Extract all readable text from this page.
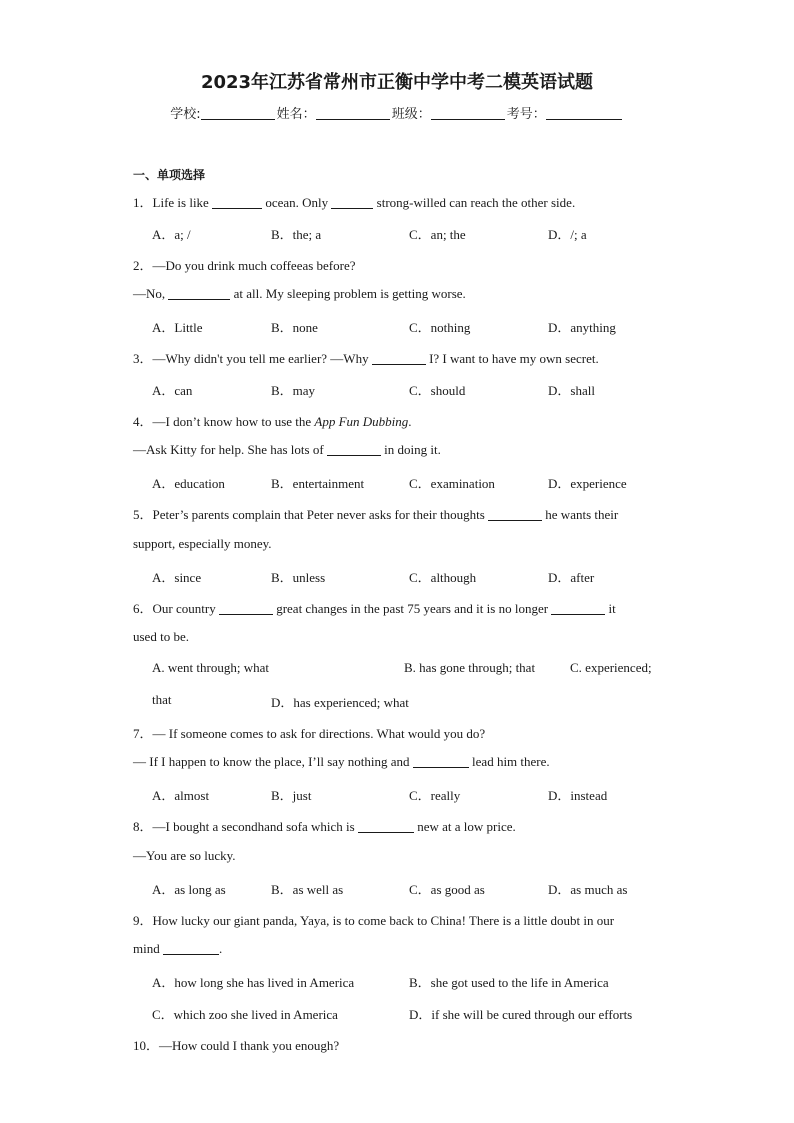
2023年江苏省常州市正衡中学中考二模英语试题
学校:	姓名：	班级：	考号：
一、单项选择
1．Life is like	ocean. Only	strong-willed can reach the other side.
A．a; /	B．the; a	C．an; the	D．/; a
2．—Do you drink much coffeeas before?
—No,	at all. My sleeping problem is getting worse.
A．Little	B．none	C．nothing	D．anything
3．—Why didn't you tell me earlier? —Why	I? I want to have my own secret.
A．can	B．may	C．should	D．shall
4．—I don’t know how to use the App Fun Dubbing.
—Ask Kitty for help. She has lots of	in doing it.
A．education	B．entertainment	C．examination	D．experience
5．Peter’s parents complain that Peter never asks for their thoughts	he wants their
support, especially money.
A．since	B．unless	C．although	D．after
6．Our country	great changes in the past 75 years and it is no longer	it
used to be.
A. went through; what	B. has gone through; that	C. experienced;
that	D．has experienced; what
7．— If someone comes to ask for directions. What would you do?
— If I happen to know the place, I’ll say nothing and	lead him there.
A．almost	B．just	C．really	D．instead
8．—I bought a secondhand sofa which is	new at a low price.
—You are so lucky.
A．as long as	B．as well as	C．as good as	D．as much as
9．How lucky our giant panda, Yaya, is to come back to China! There is a little doubt in our
mind	.
A．how long she has lived in America	B．she got used to the life in America
C．which zoo she lived in America	D．if she will be cured through our efforts
10．—How could I thank you enough?
